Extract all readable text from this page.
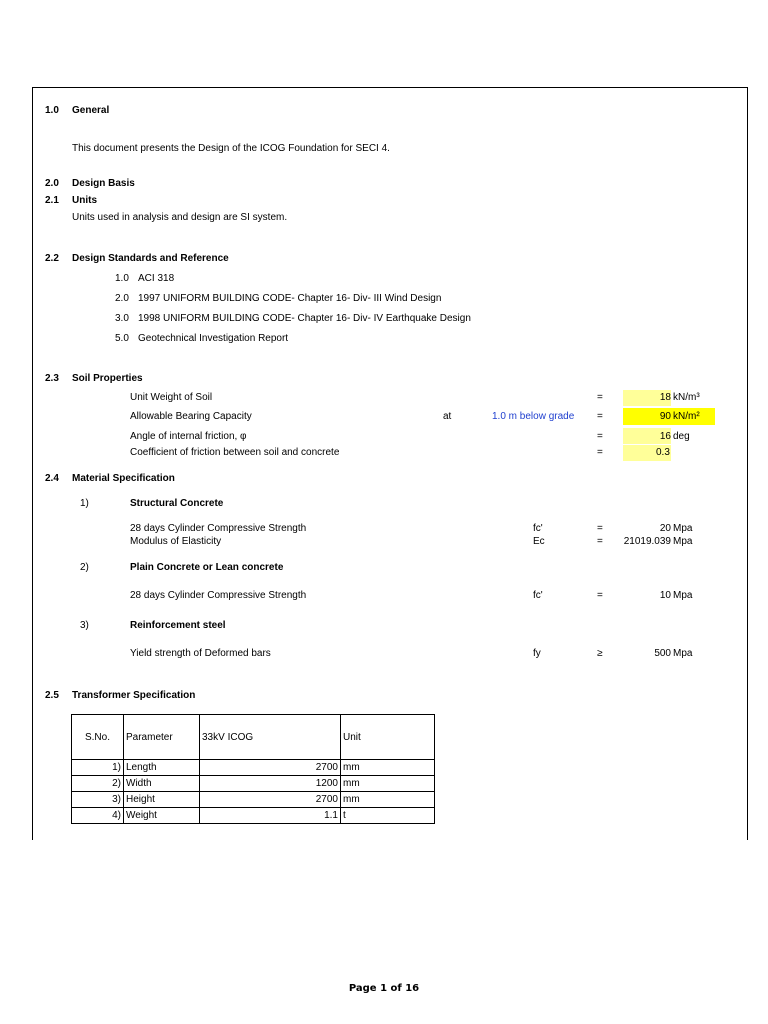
1.0 General
This document presents the Design of the ICOG Foundation for SECI 4.
2.0 Design Basis
2.1 Units
Units used in analysis and design are SI system.
2.2 Design Standards and Reference
1.0 ACI 318
2.0 1997 UNIFORM BUILDING CODE- Chapter 16- Div- III Wind Design
3.0 1998 UNIFORM BUILDING CODE- Chapter 16- Div- IV Earthquake Design
5.0 Geotechnical Investigation Report
2.3 Soil Properties
Unit Weight of Soil	=	18 kN/m³
Allowable Bearing Capacity	at	1.0 m below grade =	90 kN/m²
Angle of internal friction, φ	=	16 deg
Coefficient of friction between soil and concrete	=	0.3
2.4 Material Specification
1)	Structural Concrete
28 days Cylinder Compressive Strength	fc'	=	20 Mpa
Modulus of Elasticity	Ec	=	21019.039 Mpa
2)	Plain Concrete or Lean concrete
28 days Cylinder Compressive Strength	fc'	=	10 Mpa
3)	Reinforcement steel
Yield strength of Deformed bars	fy	≥	500 Mpa
2.5 Transformer Specification
S.No.	Parameter	33kV ICOG	Unit
1)	Length	2700	mm
2)	Width	1200	mm
3)	Height	2700	mm
4)	Weight	1.1	t
Page 1 of 16
